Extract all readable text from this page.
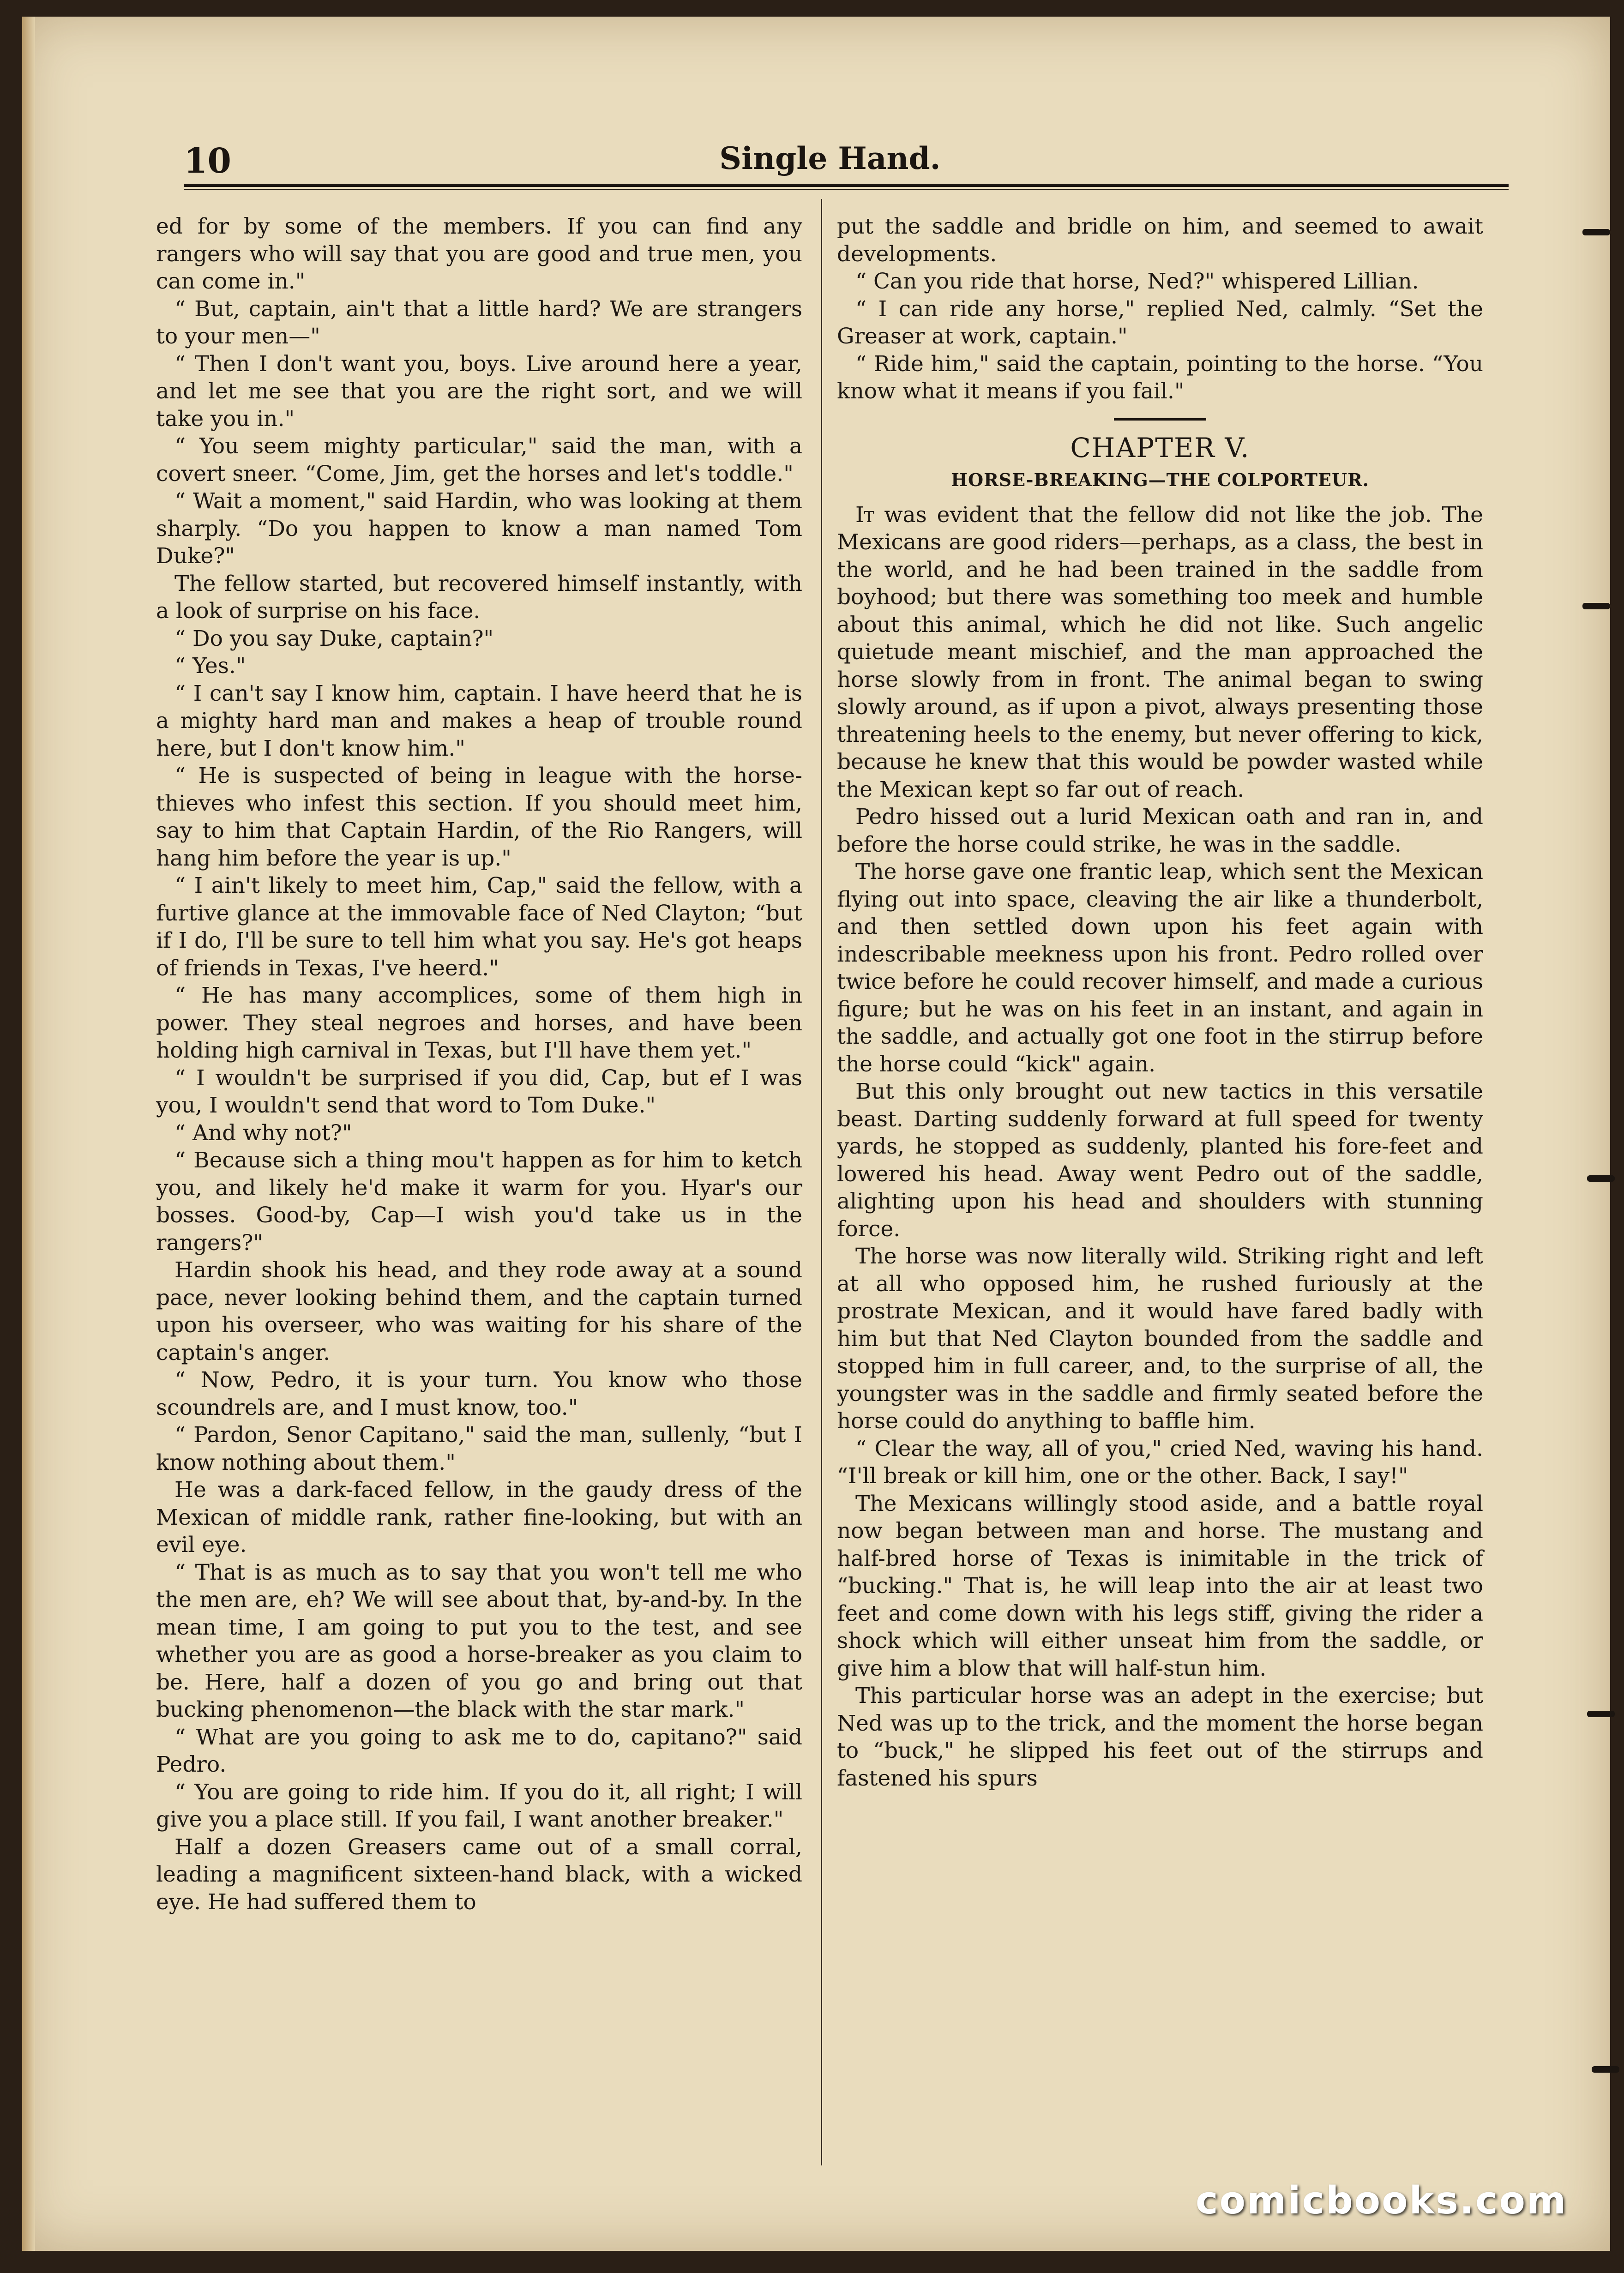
10	Single Hand.

ed for by some of the members. If you can find any rangers who will say that you are good and true men, you can come in."

“ But, captain, ain't that a little hard? We are strangers to your men—"

“ Then I don't want you, boys. Live around here a year, and let me see that you are the right sort, and we will take you in."

“ You seem mighty particular," said the man, with a covert sneer. “Come, Jim, get the horses and let's toddle."

“ Wait a moment," said Hardin, who was looking at them sharply. “Do you happen to know a man named Tom Duke?"

The fellow started, but recovered himself instantly, with a look of surprise on his face.

“ Do you say Duke, captain?"

“ Yes."

“ I can't say I know him, captain. I have heerd that he is a mighty hard man and makes a heap of trouble round here, but I don't know him."

“ He is suspected of being in league with the horse-thieves who infest this section. If you should meet him, say to him that Captain Hardin, of the Rio Rangers, will hang him before the year is up."

“ I ain't likely to meet him, Cap," said the fellow, with a furtive glance at the immovable face of Ned Clayton; “but if I do, I'll be sure to tell him what you say. He's got heaps of friends in Texas, I've heerd."

“ He has many accomplices, some of them high in power. They steal negroes and horses, and have been holding high carnival in Texas, but I'll have them yet."

“ I wouldn't be surprised if you did, Cap, but ef I was you, I wouldn't send that word to Tom Duke."

“ And why not?"

“ Because sich a thing mou't happen as for him to ketch you, and likely he'd make it warm for you. Hyar's our bosses. Good-by, Cap—I wish you'd take us in the rangers?"

Hardin shook his head, and they rode away at a sound pace, never looking behind them, and the captain turned upon his overseer, who was waiting for his share of the captain's anger.

“ Now, Pedro, it is your turn. You know who those scoundrels are, and I must know, too."

“ Pardon, Senor Capitano," said the man, sullenly, “but I know nothing about them."

He was a dark-faced fellow, in the gaudy dress of the Mexican of middle rank, rather fine-looking, but with an evil eye.

“ That is as much as to say that you won't tell me who the men are, eh? We will see about that, by-and-by. In the mean time, I am going to put you to the test, and see whether you are as good a horse-breaker as you claim to be. Here, half a dozen of you go and bring out that bucking phenomenon—the black with the star mark."

“ What are you going to ask me to do, capitano?" said Pedro.

“ You are going to ride him. If you do it, all right; I will give you a place still. If you fail, I want another breaker."

Half a dozen Greasers came out of a small corral, leading a magnificent sixteen-hand black, with a wicked eye. He had suffered them to

put the saddle and bridle on him, and seemed to await developments.

“ Can you ride that horse, Ned?" whispered Lillian.

“ I can ride any horse," replied Ned, calmly. “Set the Greaser at work, captain."

“ Ride him," said the captain, pointing to the horse. “You know what it means if you fail."

CHAPTER V.
HORSE-BREAKING—THE COLPORTEUR.

It was evident that the fellow did not like the job. The Mexicans are good riders—perhaps, as a class, the best in the world, and he had been trained in the saddle from boyhood; but there was something too meek and humble about this animal, which he did not like. Such angelic quietude meant mischief, and the man approached the horse slowly from in front. The animal began to swing slowly around, as if upon a pivot, always presenting those threatening heels to the enemy, but never offering to kick, because he knew that this would be powder wasted while the Mexican kept so far out of reach.

Pedro hissed out a lurid Mexican oath and ran in, and before the horse could strike, he was in the saddle.

The horse gave one frantic leap, which sent the Mexican flying out into space, cleaving the air like a thunderbolt, and then settled down upon his feet again with indescribable meekness upon his front. Pedro rolled over twice before he could recover himself, and made a curious figure; but he was on his feet in an instant, and again in the saddle, and actually got one foot in the stirrup before the horse could “kick" again.

But this only brought out new tactics in this versatile beast. Darting suddenly forward at full speed for twenty yards, he stopped as suddenly, planted his fore-feet and lowered his head. Away went Pedro out of the saddle, alighting upon his head and shoulders with stunning force.

The horse was now literally wild. Striking right and left at all who opposed him, he rushed furiously at the prostrate Mexican, and it would have fared badly with him but that Ned Clayton bounded from the saddle and stopped him in full career, and, to the surprise of all, the youngster was in the saddle and firmly seated before the horse could do anything to baffle him.

“ Clear the way, all of you," cried Ned, waving his hand. “I'll break or kill him, one or the other. Back, I say!"

The Mexicans willingly stood aside, and a battle royal now began between man and horse. The mustang and half-bred horse of Texas is inimitable in the trick of “bucking." That is, he will leap into the air at least two feet and come down with his legs stiff, giving the rider a shock which will either unseat him from the saddle, or give him a blow that will half-stun him.

This particular horse was an adept in the exercise; but Ned was up to the trick, and the moment the horse began to “buck," he slipped his feet out of the stirrups and fastened his spurs

comicbooks.com
